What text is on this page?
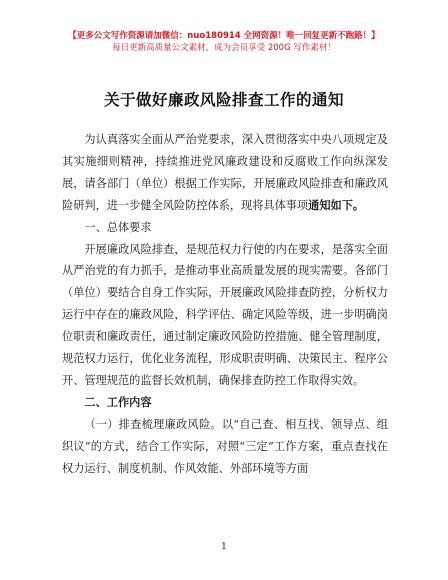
【更多公文写作资源请加微信：nuo180914 全网资源！唯一回复更新不跑路！】
每日更新高质量公文素材，成为会员享受 200G 写作素材！
关于做好廉政风险排查工作的通知

为认真落实全面从严治党要求，深入贯彻落实中央八项规定及其实施细则精神，持续推进党风廉政建设和反腐败工作向纵深发展，请各部门（单位）根据工作实际，开展廉政风险排查和廉政风险研判，进一步健全风险防控体系，现将具体事项通知如下。

一、总体要求

开展廉政风险排查，是规范权力行使的内在要求，是落实全面从严治党的有力抓手，是推动事业高质量发展的现实需要。各部门（单位）要结合自身工作实际，开展廉政风险排查防控，分析权力运行中存在的廉政风险，科学评估、确定风险等级，进一步明确岗位职责和廉政责任，通过制定廉政风险防控措施、健全管理制度，规范权力运行，优化业务流程，形成职责明确、决策民主、程序公开、管理规范的监督长效机制，确保排查防控工作取得实效。

二、工作内容

（一）排查梳理廉政风险。以“自己查、相互找、领导点、组织议”的方式，结合工作实际，对照“三定”工作方案，重点查找在权力运行、制度机制、作风效能、外部环境等方面

1
